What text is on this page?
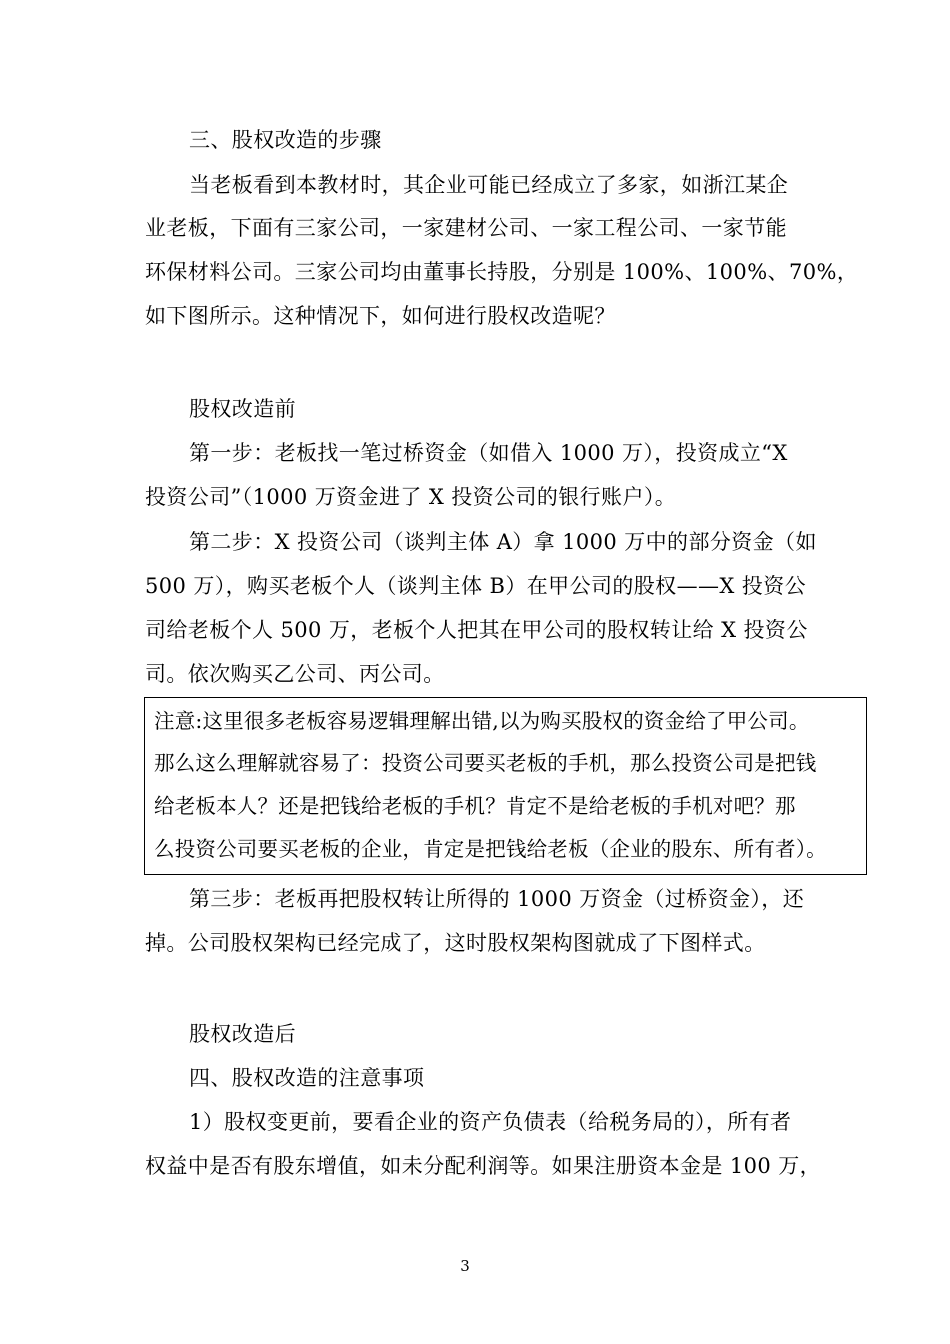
三、股权改造的步骤
当老板看到本教材时，其企业可能已经成立了多家，如浙江某企
业老板，下面有三家公司，一家建材公司、一家工程公司、一家节能
环保材料公司。三家公司均由董事长持股，分别是 100%、100%、70%，
如下图所示。这种情况下，如何进行股权改造呢？
股权改造前
第一步：老板找一笔过桥资金（如借入 1000 万），投资成立“X
投资公司”（1000 万资金进了 X 投资公司的银行账户）。
第二步：X 投资公司（谈判主体 A）拿 1000 万中的部分资金（如
500 万），购买老板个人（谈判主体 B）在甲公司的股权——X 投资公
司给老板个人 500 万，老板个人把其在甲公司的股权转让给 X 投资公
司。依次购买乙公司、丙公司。
注意:这里很多老板容易逻辑理解出错,以为购买股权的资金给了甲公司。
那么这么理解就容易了：投资公司要买老板的手机，那么投资公司是把钱
给老板本人？还是把钱给老板的手机？肯定不是给老板的手机对吧？那
么投资公司要买老板的企业，肯定是把钱给老板（企业的股东、所有者）。
第三步：老板再把股权转让所得的 1000 万资金（过桥资金），还
掉。公司股权架构已经完成了，这时股权架构图就成了下图样式。
股权改造后
四、股权改造的注意事项
1）股权变更前，要看企业的资产负债表（给税务局的），所有者
权益中是否有股东增值，如未分配利润等。如果注册资本金是 100 万，
3
